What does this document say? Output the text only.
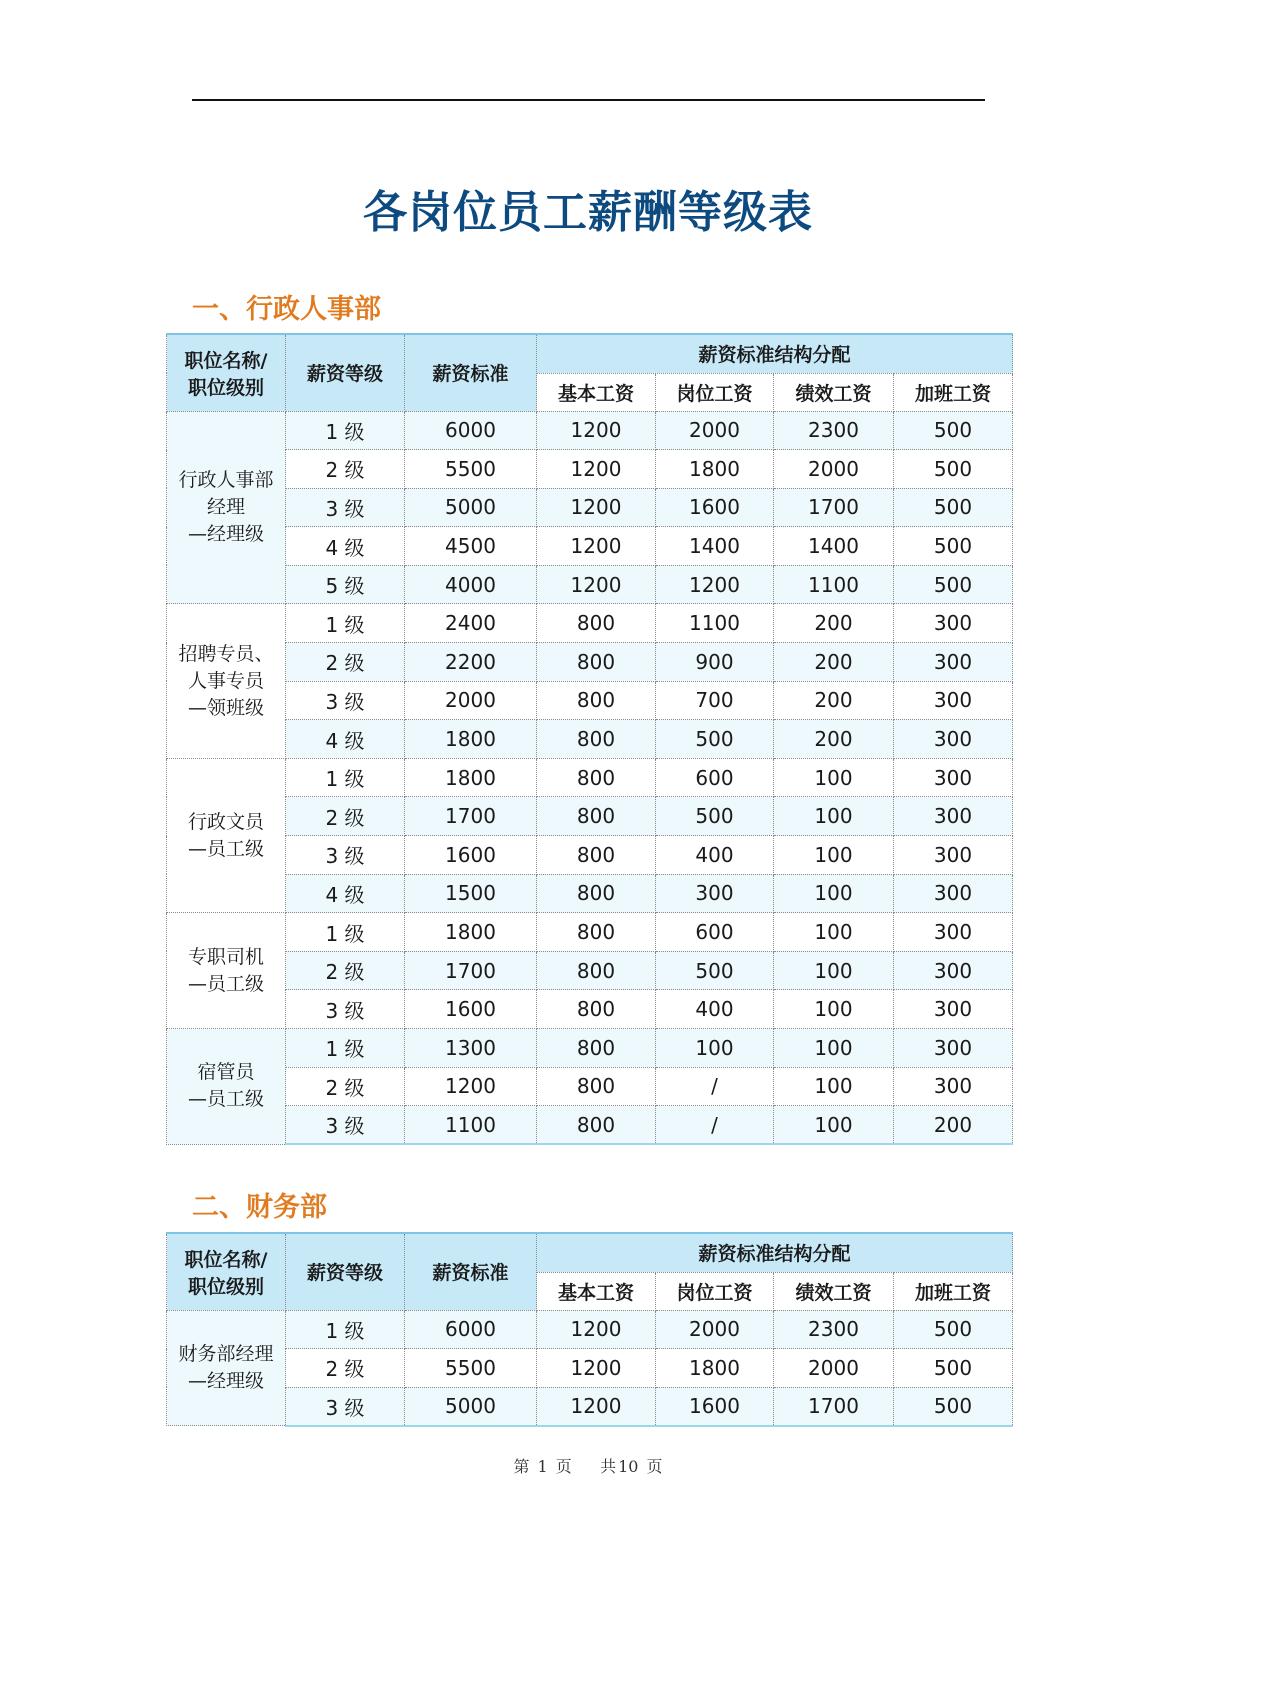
各岗位员工薪酬等级表
一、行政人事部
职位名称/
职位级别	薪资等级	薪资标准	薪资标准结构分配			
			基本工资	岗位工资	绩效工资	加班工资

行政人事部
经理
—经理级	1 级	6000	1200	2000	2300	500
	2 级	5500	1200	1800	2000	500
	3 级	5000	1200	1600	1700	500
	4 级	4500	1200	1400	1400	500
	5 级	4000	1200	1200	1100	500

招聘专员、
人事专员
—领班级	1 级	2400	800	1100	200	300
	2 级	2200	800	900	200	300
	3 级	2000	800	700	200	300
	4 级	1800	800	500	200	300

行政文员
—员工级	1 级	1800	800	600	100	300
	2 级	1700	800	500	100	300
	3 级	1600	800	400	100	300
	4 级	1500	800	300	100	300

专职司机
—员工级	1 级	1800	800	600	100	300
	2 级	1700	800	500	100	300
	3 级	1600	800	400	100	300

宿管员
—员工级	1 级	1300	800	100	100	300
	2 级	1200	800	/	100	300
	3 级	1100	800	/	100	200
二、财务部
职位名称/
职位级别	薪资等级	薪资标准	薪资标准结构分配			
			基本工资	岗位工资	绩效工资	加班工资

财务部经理
—经理级	1 级	6000	1200	2000	2300	500
	2 级	5500	1200	1800	2000	500
	3 级	5000	1200	1600	1700	500
第 1 页 共 10 页
